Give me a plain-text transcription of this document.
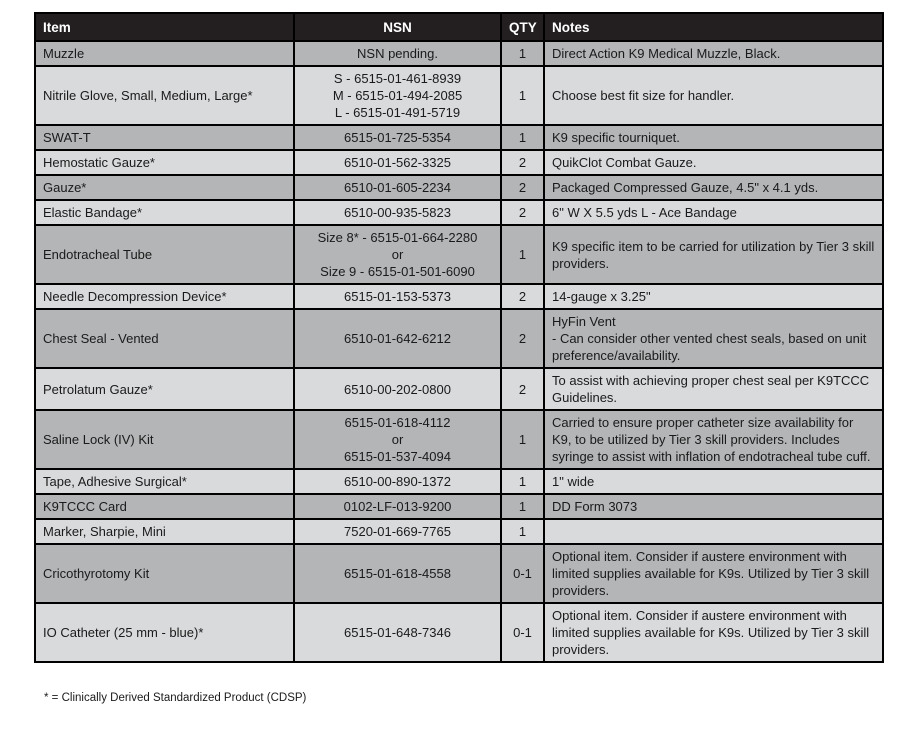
Item	NSN	QTY	Notes

Muzzle	NSN pending.	1	Direct Action K9 Medical Muzzle, Black.

Nitrile Glove, Small, Medium, Large*	S - 6515-01-461-8939
M - 6515-01-494-2085
L - 6515-01-491-5719	1	Choose best fit size for handler.

SWAT-T	6515-01-725-5354	1	K9 specific tourniquet.

Hemostatic Gauze*	6510-01-562-3325	2	QuikClot Combat Gauze.

Gauze*	6510-01-605-2234	2	Packaged Compressed Gauze, 4.5" x 4.1 yds.

Elastic Bandage*	6510-00-935-5823	2	6" W X 5.5 yds L - Ace Bandage

Endotracheal Tube	Size 8* - 6515-01-664-2280
or
Size 9 - 6515-01-501-6090	1	K9 specific item to be carried for utilization by Tier 3 skill providers.

Needle Decompression Device*	6515-01-153-5373	2	14-gauge x 3.25"

Chest Seal - Vented	6510-01-642-6212	2	HyFin Vent
- Can consider other vented chest seals, based on unit preference/availability.

Petrolatum Gauze*	6510-00-202-0800	2	To assist with achieving proper chest seal per K9TCCC Guidelines.

Saline Lock (IV) Kit	6515-01-618-4112
or
6515-01-537-4094	1	Carried to ensure proper catheter size availability for K9, to be utilized by Tier 3 skill providers. Includes syringe to assist with inflation of endotracheal tube cuff.

Tape, Adhesive Surgical*	6510-00-890-1372	1	1" wide

K9TCCC Card	0102-LF-013-9200	1	DD Form 3073

Marker, Sharpie, Mini	7520-01-669-7765	1	

Cricothyrotomy Kit	6515-01-618-4558	0-1	Optional item. Consider if austere environment with limited supplies available for K9s. Utilized by Tier 3 skill providers.

IO Catheter (25 mm - blue)*	6515-01-648-7346	0-1	Optional item. Consider if austere environment with limited supplies available for K9s. Utilized by Tier 3 skill providers.
* = Clinically Derived Standardized Product (CDSP)
